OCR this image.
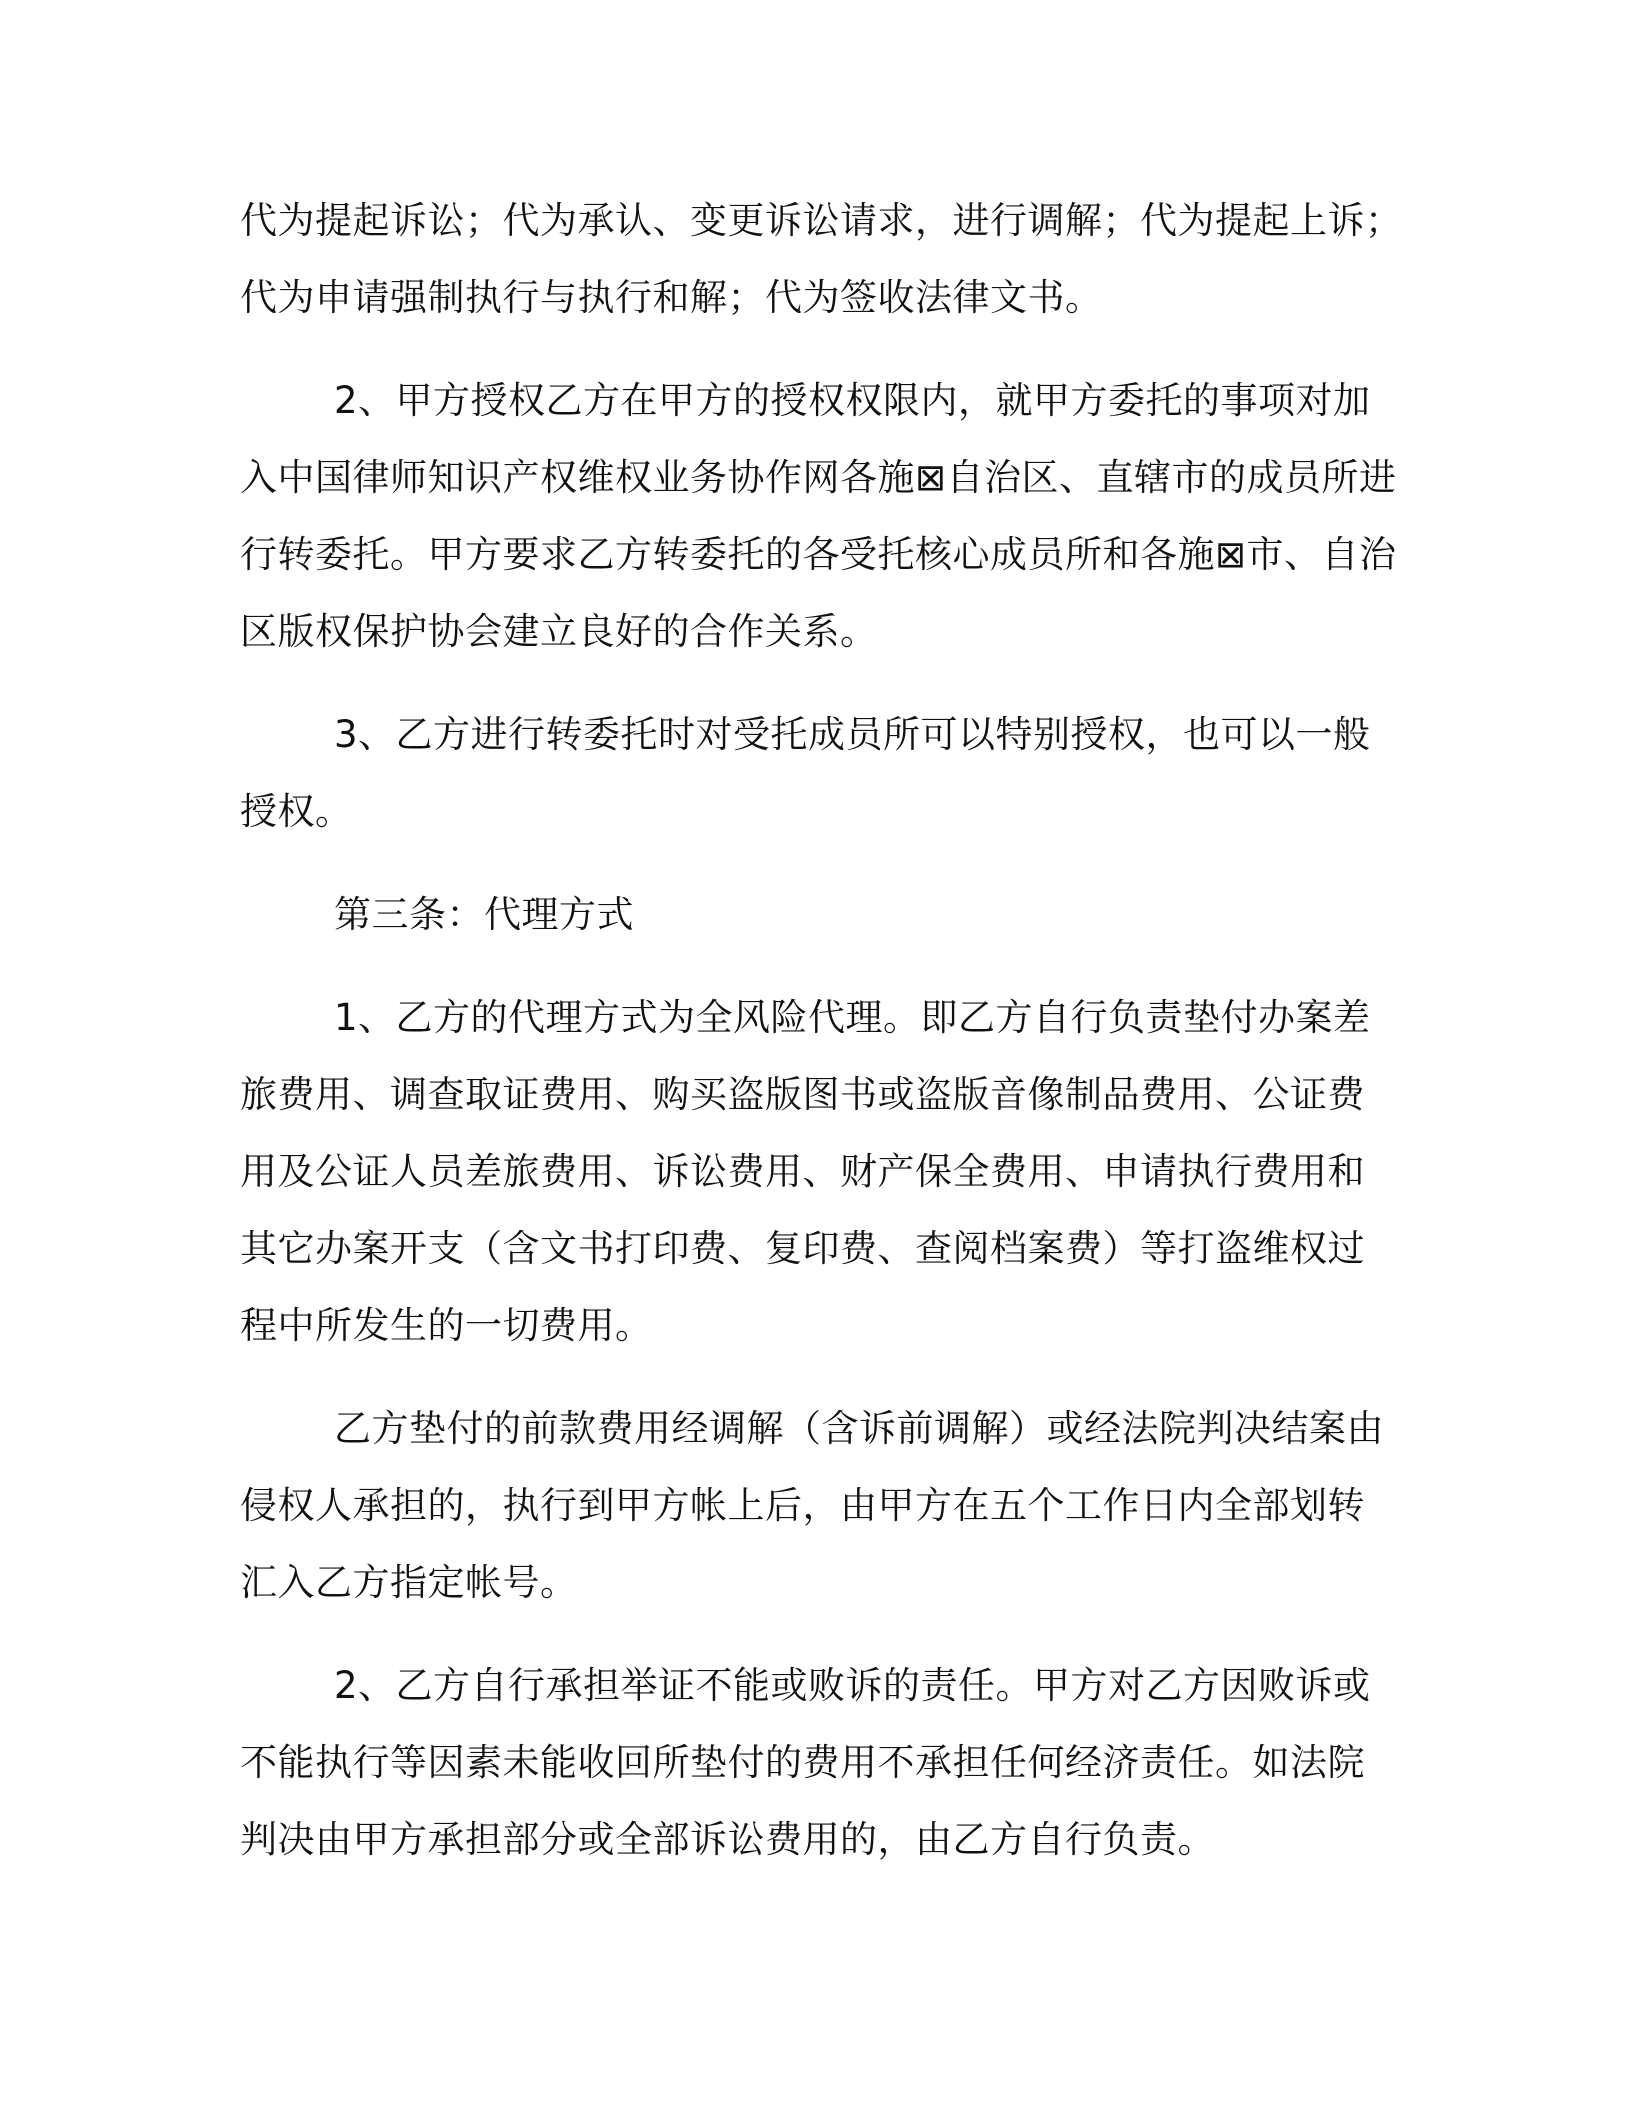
代为提起诉讼；代为承认、变更诉讼请求，进行调解；代为提起上诉；
代为申请强制执行与执行和解；代为签收法律文书。
2、甲方授权乙方在甲方的授权权限内，就甲方委托的事项对加
入中国律师知识产权维权业务协作网各施⊠自治区、直辖市的成员所进
行转委托。甲方要求乙方转委托的各受托核心成员所和各施⊠市、自治
区版权保护协会建立良好的合作关系。
3、乙方进行转委托时对受托成员所可以特别授权，也可以一般
授权。
第三条：代理方式
1、乙方的代理方式为全风险代理。即乙方自行负责垫付办案差
旅费用、调查取证费用、购买盗版图书或盗版音像制品费用、公证费
用及公证人员差旅费用、诉讼费用、财产保全费用、申请执行费用和
其它办案开支（含文书打印费、复印费、查阅档案费）等打盗维权过
程中所发生的一切费用。
乙方垫付的前款费用经调解（含诉前调解）或经法院判决结案由
侵权人承担的，执行到甲方帐上后，由甲方在五个工作日内全部划转
汇入乙方指定帐号。
2、乙方自行承担举证不能或败诉的责任。甲方对乙方因败诉或
不能执行等因素未能收回所垫付的费用不承担任何经济责任。如法院
判决由甲方承担部分或全部诉讼费用的，由乙方自行负责。
